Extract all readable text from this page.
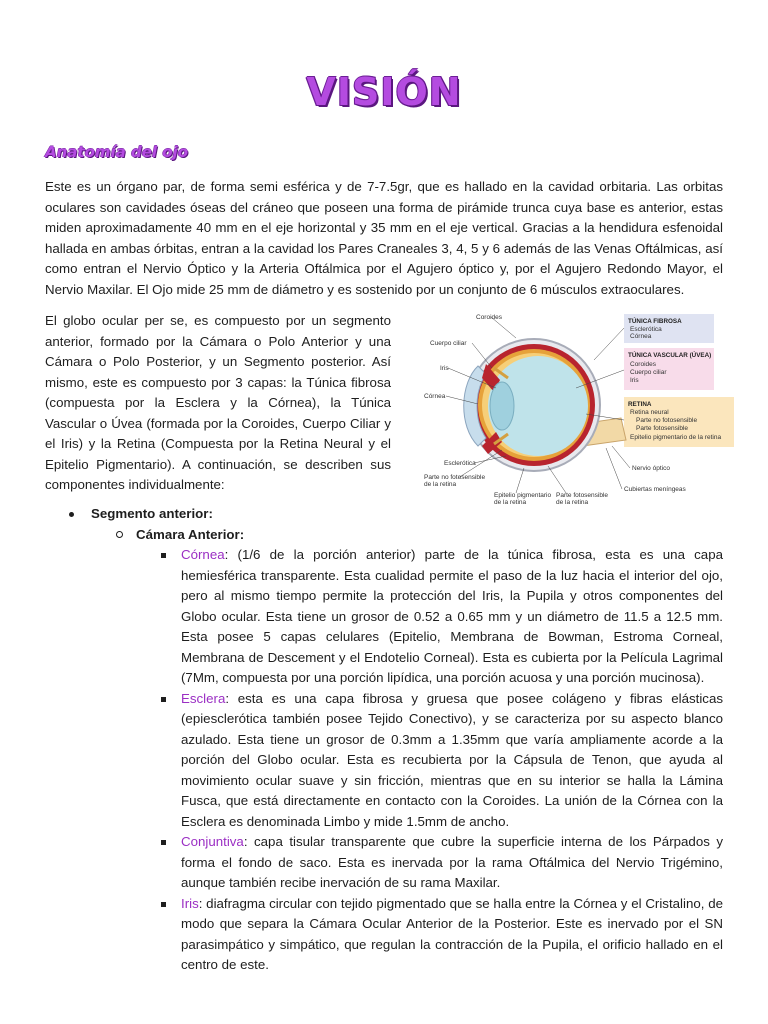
VISIÓN
Anatomía del ojo
Este es un órgano par, de forma semi esférica y de 7-7.5gr, que es hallado en la cavidad orbitaria. Las orbitas oculares son cavidades óseas del cráneo que poseen una forma de pirámide trunca cuya base es anterior, estas miden aproximadamente 40 mm en el eje horizontal y 35 mm en el eje vertical. Gracias a la hendidura esfenoidal hallada en ambas órbitas, entran a la cavidad los Pares Craneales 3, 4, 5 y 6 además de las Venas Oftálmicas, así como entran el Nervio Óptico y la Arteria Oftálmica por el Agujero óptico y, por el Agujero Redondo Mayor, el Nervio Maxilar. El Ojo mide 25 mm de diámetro y es sostenido por un conjunto de 6 músculos extraoculares.
El globo ocular per se, es compuesto por un segmento anterior, formado por la Cámara o Polo Anterior y una Cámara o Polo Posterior, y un Segmento posterior. Así mismo, este es compuesto por 3 capas: la Túnica fibrosa (compuesta por la Esclera y la Córnea), la Túnica Vascular o Úvea (formada por la Coroides, Cuerpo Ciliar y el Iris) y la Retina (Compuesta por la Retina Neural y el Epitelio Pigmentario). A continuación, se describen sus componentes individualmente:
TÚNICA FIBROSA
Esclerótica
Córnea
TÚNICA VASCULAR (ÚVEA)
Coroides
Cuerpo ciliar
Iris
RETINA
Retina neural
Parte no fotosensible
Parte fotosensible
Epitelio pigmentario de la retina
Coroides
Cuerpo ciliar
Iris
Córnea
Esclerótica
Parte no fotosensible
de la retina
Epitelio pigmentario
de la retina
Parte fotosensible
de la retina
Nervio óptico
Cubiertas meníngeas
Segmento anterior:
Cámara Anterior:
Córnea: (1/6 de la porción anterior) parte de la túnica fibrosa, esta es una capa hemiesférica transparente. Esta cualidad permite el paso de la luz hacia el interior del ojo, pero al mismo tiempo permite la protección del Iris, la Pupila y otros componentes del Globo ocular. Esta tiene un grosor de 0.52 a 0.65 mm y un diámetro de 11.5 a 12.5 mm. Esta posee 5 capas celulares (Epitelio, Membrana de Bowman, Estroma Corneal, Membrana de Descement y el Endotelio Corneal). Esta es cubierta por la Película Lagrimal (7Mm, compuesta por una porción lipídica, una porción acuosa y una porción mucinosa).
Esclera: esta es una capa fibrosa y gruesa que posee colágeno y fibras elásticas (epiesclerótica también posee Tejido Conectivo), y se caracteriza por su aspecto blanco azulado. Esta tiene un grosor de 0.3mm a 1.35mm que varía ampliamente acorde a la porción del Globo ocular. Esta es recubierta por la Cápsula de Tenon, que ayuda al movimiento ocular suave y sin fricción, mientras que en su interior se halla la Lámina Fusca, que está directamente en contacto con la Coroides. La unión de la Córnea con la Esclera es denominada Limbo y mide 1.5mm de ancho.
Conjuntiva: capa tisular transparente que cubre la superficie interna de los Párpados y forma el fondo de saco. Esta es inervada por la rama Oftálmica del Nervio Trigémino, aunque también recibe inervación de su rama Maxilar.
Iris: diafragma circular con tejido pigmentado que se halla entre la Córnea y el Cristalino, de modo que separa la Cámara Ocular Anterior de la Posterior. Este es inervado por el SN parasimpático y simpático, que regulan la contracción de la Pupila, el orificio hallado en el centro de este.
